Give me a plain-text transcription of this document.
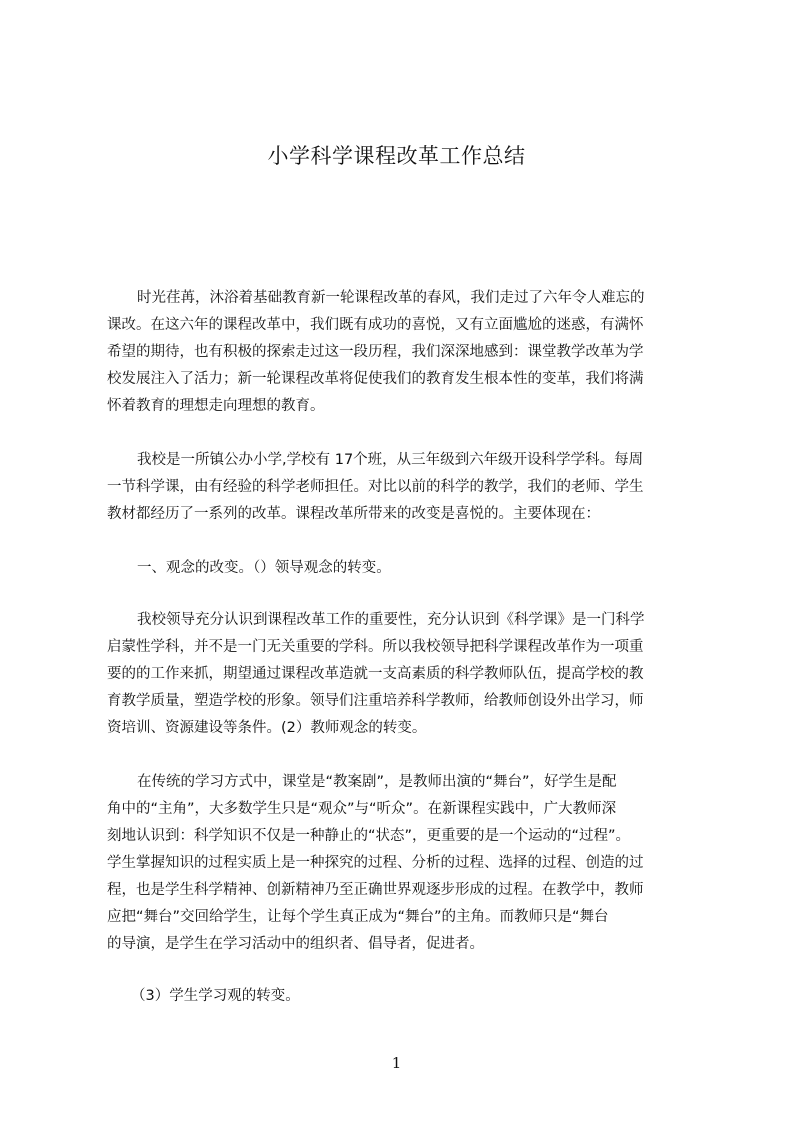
小学科学课程改革工作总结
时光荏苒，沐浴着基础教育新一轮课程改革的春风，我们走过了六年令人难忘的
课改。在这六年的课程改革中，我们既有成功的喜悦，又有立面尴尬的迷惑，有满怀
希望的期待，也有积极的探索走过这一段历程，我们深深地感到：课堂教学改革为学
校发展注入了活力；新一轮课程改革将促使我们的教育发生根本性的变革，我们将满
怀着教育的理想走向理想的教育。
我校是一所镇公办小学,学校有 17个班，从三年级到六年级开设科学学科。每周
一节科学课，由有经验的科学老师担任。对比以前的科学的教学，我们的老师、学生
教材都经历了一系列的改革。课程改革所带来的改变是喜悦的。主要体现在：
一、观念的改变。（）领导观念的转变。
我校领导充分认识到课程改革工作的重要性，充分认识到《科学课》是一门科学
启蒙性学科，并不是一门无关重要的学科。所以我校领导把科学课程改革作为一项重
要的的工作来抓，期望通过课程改革造就一支高素质的科学教师队伍，提高学校的教
育教学质量，塑造学校的形象。领导们注重培养科学教师，给教师创设外出学习，师
资培训、资源建设等条件。(2）教师观念的转变。
在传统的学习方式中，课堂是“教案剧”，是教师出演的“舞台”，好学生是配
角中的“主角”，大多数学生只是“观众”与“听众”。在新课程实践中，广大教师深
刻地认识到：科学知识不仅是一种静止的“状态”，更重要的是一个运动的“过程”。
学生掌握知识的过程实质上是一种探究的过程、分析的过程、选择的过程、创造的过
程，也是学生科学精神、创新精神乃至正确世界观逐步形成的过程。在教学中，教师
应把“舞台”交回给学生，让每个学生真正成为“舞台”的主角。而教师只是“舞台
的导演，是学生在学习活动中的组织者、倡导者，促进者。
（3）学生学习观的转变。
1
